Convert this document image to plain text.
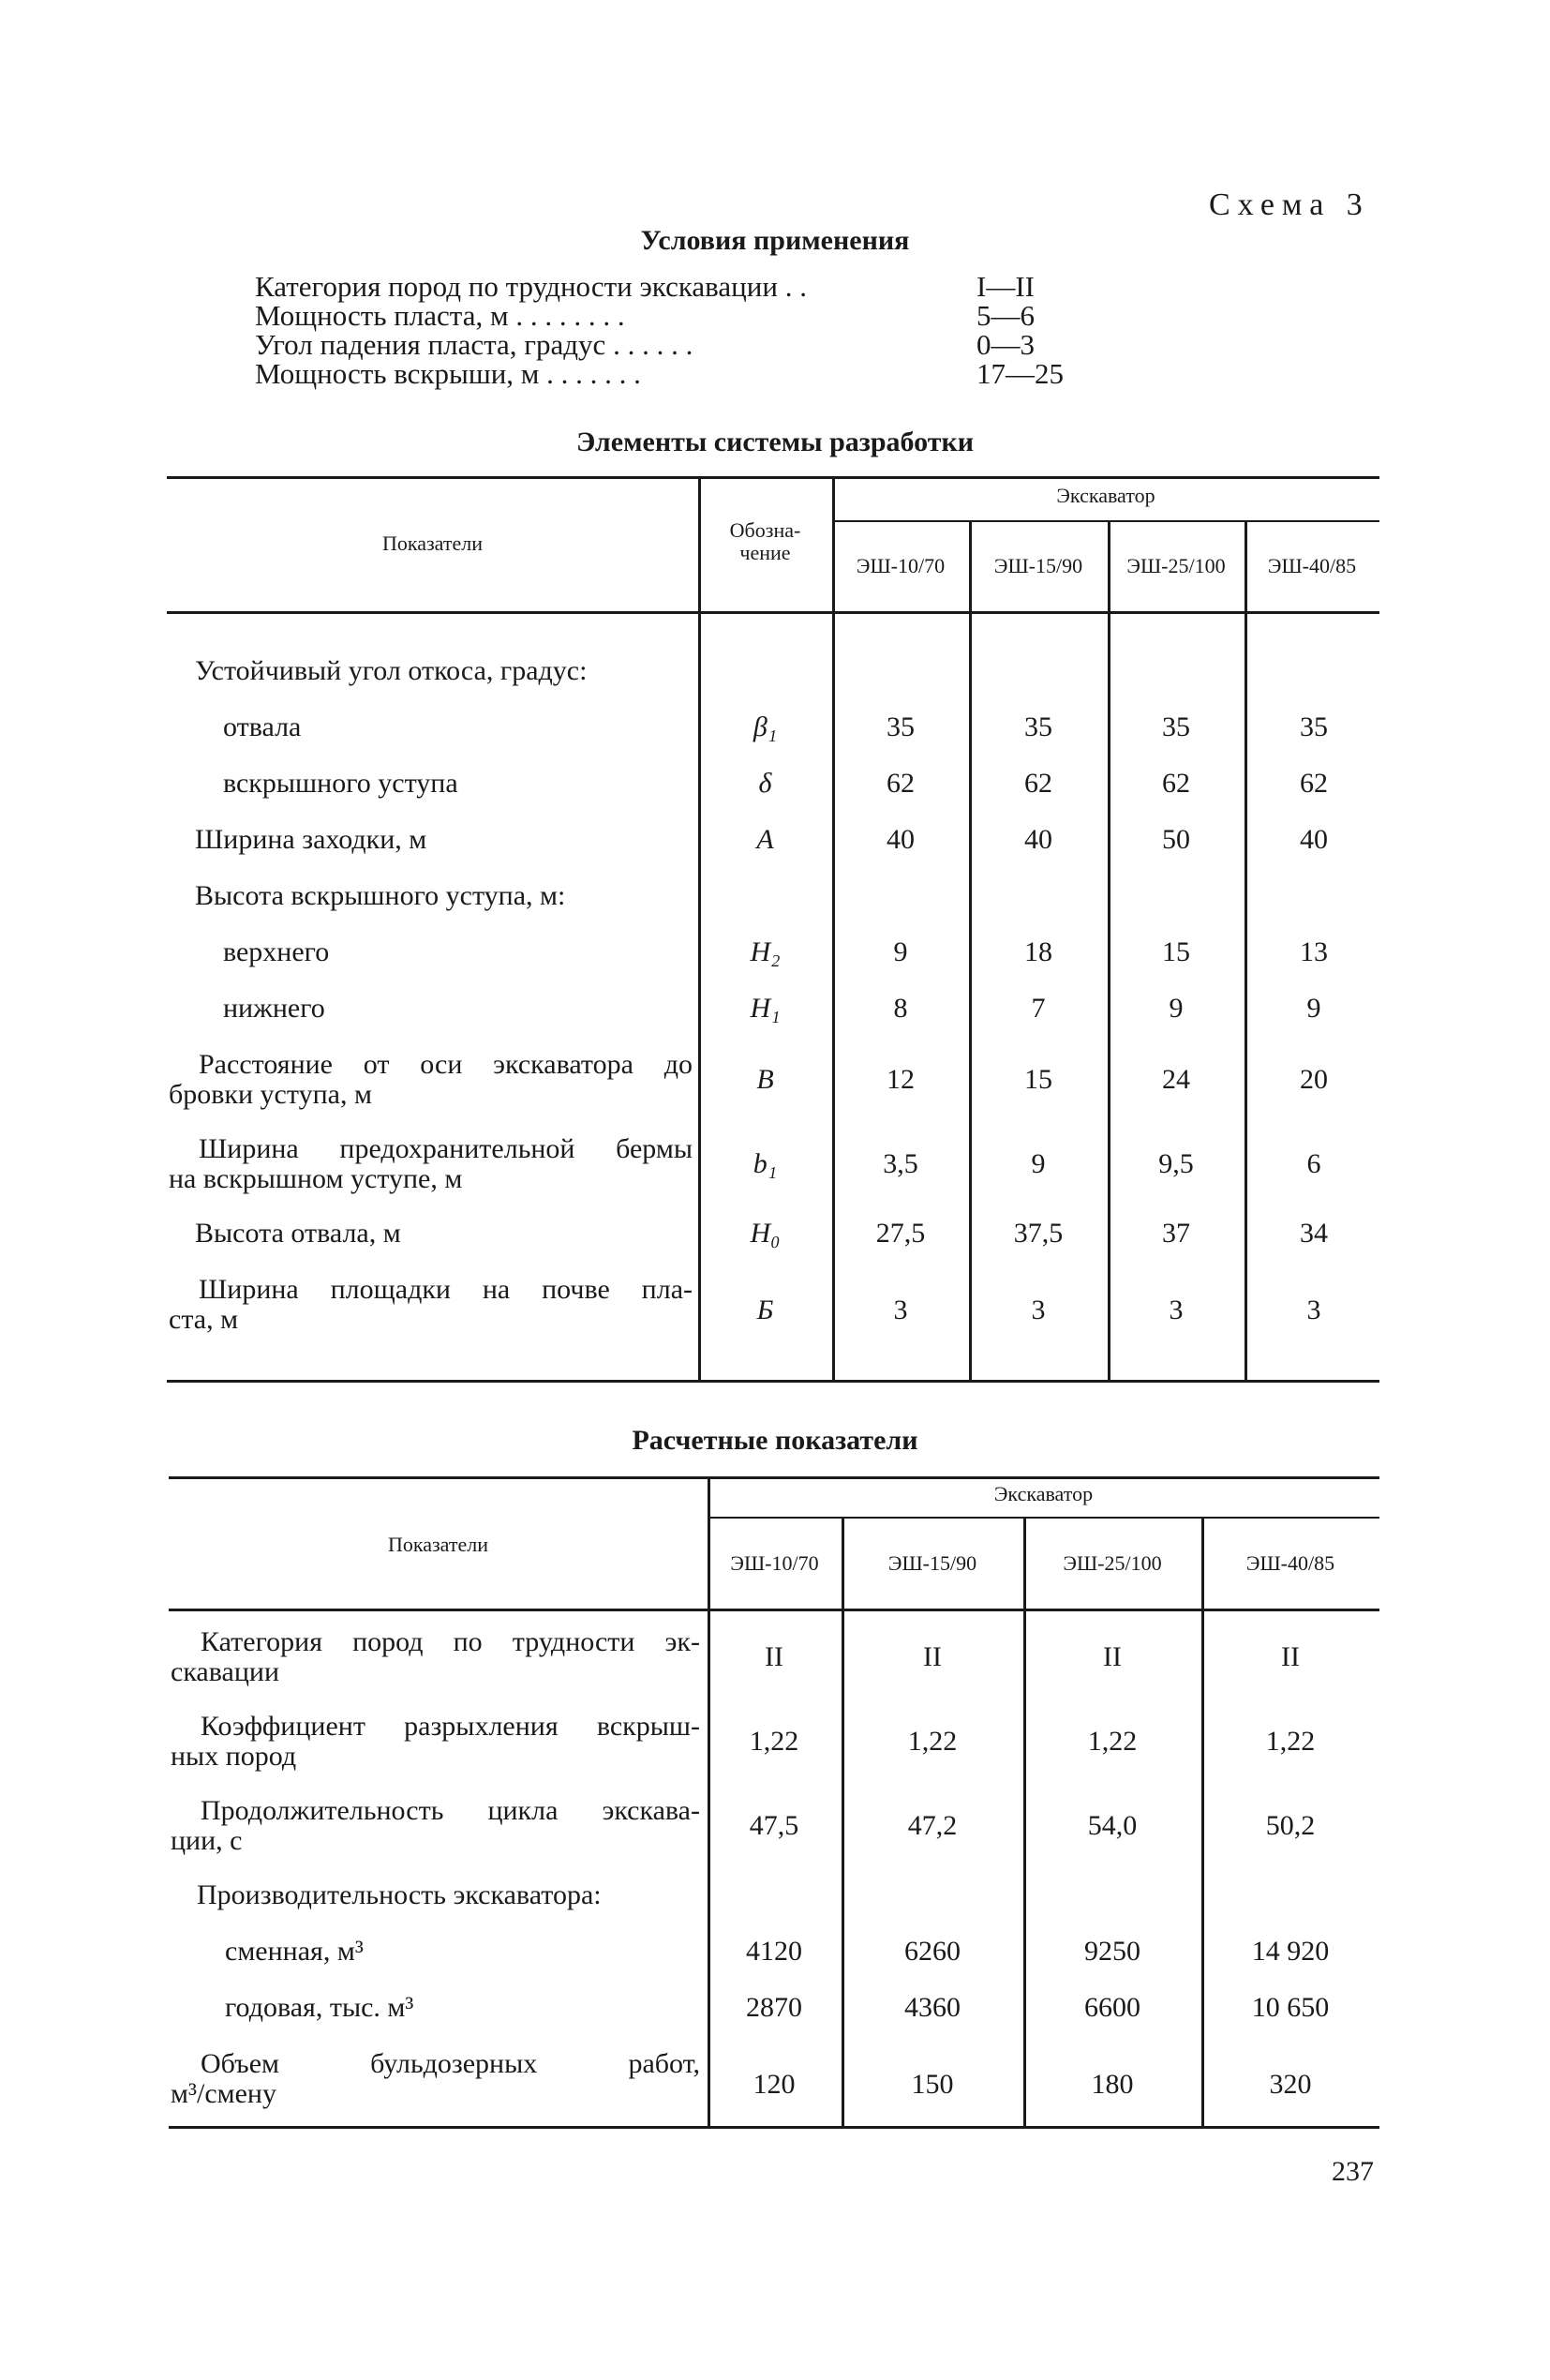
Схема 3
Условия применения
Категория пород по трудности экскавации . .	I—II
Мощность пласта, м . . . . . . . .	5—6
Угол падения пласта, градус . . . . . .	0—3
Мощность вскрыши, м . . . . . . .	17—25
Элементы системы разработки
Показатели
Обозна-
чение
Экскаватор
ЭШ-10/70	ЭШ-15/90	ЭШ-25/100	ЭШ-40/85
Устойчивый угол откоса, градус:
отвала	β₁	35	35	35	35
вскрышного уступа	δ	62	62	62	62
Ширина заходки, м	A	40	40	50	40
Высота вскрышного уступа, м:
верхнего	H₂	9	18	15	13
нижнего	H₁	8	7	9	9
Расстояние от оси экскаватора до
бровки уступа, м	B	12	15	24	20
Ширина предохранительной бермы
на вскрышном уступе, м	b₁	3,5	9	9,5	6
Высота отвала, м	H₀	27,5	37,5	37	34
Ширина площадки на почве пла-
ста, м	Б	3	3	3	3
Расчетные показатели
Показатели
Экскаватор
ЭШ-10/70	ЭШ-15/90	ЭШ-25/100	ЭШ-40/85
Категория пород по трудности эк-
скавации	II	II	II	II
Коэффициент разрыхления вскрыш-
ных пород	1,22	1,22	1,22	1,22
Продолжительность цикла экскава-
ции, с	47,5	47,2	54,0	50,2
Производительность экскаватора:
сменная, м³	4120	6260	9250	14 920
годовая, тыс. м³	2870	4360	6600	10 650
Объем бульдозерных работ,
м³/смену	120	150	180	320
237
